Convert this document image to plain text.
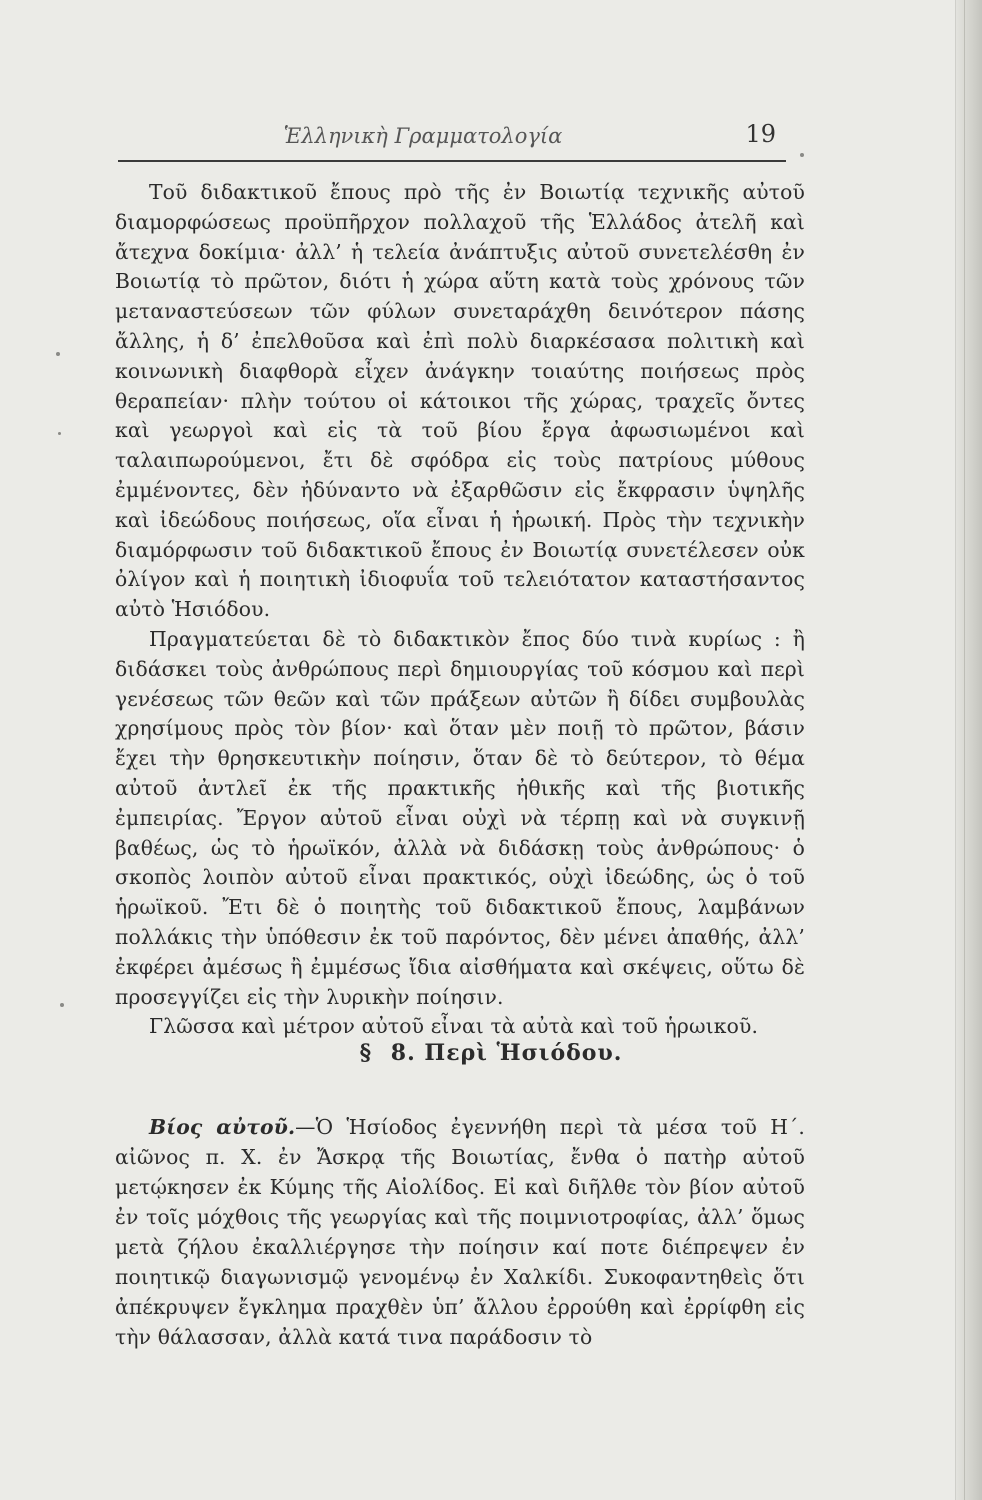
Ἑλληνικὴ Γραμματολογία	19

Τοῦ διδακτικοῦ ἔπους πρὸ τῆς ἐν Βοιωτίᾳ τεχνικῆς αὐτοῦ διαμορφώσεως προϋπῆρχον πολλαχοῦ τῆς Ἑλλάδος ἀτελῆ καὶ ἄτεχνα δοκίμια· ἀλλ’ ἡ τελεία ἀνάπτυξις αὐτοῦ συνετελέσθη ἐν Βοιωτίᾳ τὸ πρῶτον, διότι ἡ χώρα αὕτη κατὰ τοὺς χρόνους τῶν μεταναστεύσεων τῶν φύλων συνεταράχθη δεινότερον πάσης ἄλλης, ἡ δ’ ἐπελθοῦσα καὶ ἐπὶ πολὺ διαρκέσασα πολιτικὴ καὶ κοινωνικὴ διαφθορὰ εἶχεν ἀνάγκην τοιαύτης ποιήσεως πρὸς θεραπείαν· πλὴν τούτου οἱ κάτοικοι τῆς χώρας, τραχεῖς ὄντες καὶ γεωργοὶ καὶ εἰς τὰ τοῦ βίου ἔργα ἀφωσιωμένοι καὶ ταλαιπωρούμενοι, ἔτι δὲ σφόδρα εἰς τοὺς πατρίους μύθους ἐμμένοντες, δὲν ἠδύναντο νὰ ἐξαρθῶσιν εἰς ἔκφρασιν ὑψηλῆς καὶ ἰδεώδους ποιήσεως, οἵα εἶναι ἡ ἡρωική. Πρὸς τὴν τεχνικὴν διαμόρφωσιν τοῦ διδακτικοῦ ἔπους ἐν Βοιωτίᾳ συνετέλεσεν οὐκ ὀλίγον καὶ ἡ ποιητικὴ ἰδιοφυΐα τοῦ τελειότατον καταστήσαντος αὐτὸ Ἡσιόδου.

Πραγματεύεται δὲ τὸ διδακτικὸν ἔπος δύο τινὰ κυρίως : ἢ διδάσκει τοὺς ἀνθρώπους περὶ δημιουργίας τοῦ κόσμου καὶ περὶ γενέσεως τῶν θεῶν καὶ τῶν πράξεων αὐτῶν ἢ δίδει συμβουλὰς χρησίμους πρὸς τὸν βίον· καὶ ὅταν μὲν ποιῇ τὸ πρῶτον, βάσιν ἔχει τὴν θρησκευτικὴν ποίησιν, ὅταν δὲ τὸ δεύτερον, τὸ θέμα αὐτοῦ ἀντλεῖ ἐκ τῆς πρακτικῆς ἠθικῆς καὶ τῆς βιοτικῆς ἐμπειρίας. Ἔργον αὐτοῦ εἶναι οὐχὶ νὰ τέρπῃ καὶ νὰ συγκινῇ βαθέως, ὡς τὸ ἡρωϊκόν, ἀλλὰ νὰ διδάσκῃ τοὺς ἀνθρώπους· ὁ σκοπὸς λοιπὸν αὐτοῦ εἶναι πρακτικός, οὐχὶ ἰδεώδης, ὡς ὁ τοῦ ἡρωϊκοῦ. Ἔτι δὲ ὁ ποιητὴς τοῦ διδακτικοῦ ἔπους, λαμβάνων πολλάκις τὴν ὑπόθεσιν ἐκ τοῦ παρόντος, δὲν μένει ἀπαθής, ἀλλ’ ἐκφέρει ἀμέσως ἢ ἐμμέσως ἴδια αἰσθήματα καὶ σκέψεις, οὕτω δὲ προσεγγίζει εἰς τὴν λυρικὴν ποίησιν.

Γλῶσσα καὶ μέτρον αὐτοῦ εἶναι τὰ αὐτὰ καὶ τοῦ ἡρωικοῦ.

§ 8. Περὶ Ἡσιόδου.

Βίος αὐτοῦ.—Ὁ Ἡσίοδος ἐγεννήθη περὶ τὰ μέσα τοῦ Η΄. αἰῶνος π. Χ. ἐν Ἄσκρᾳ τῆς Βοιωτίας, ἔνθα ὁ πατὴρ αὐτοῦ μετῴκησεν ἐκ Κύμης τῆς Αἰολίδος. Εἰ καὶ διῆλθε τὸν βίον αὐτοῦ ἐν τοῖς μόχθοις τῆς γεωργίας καὶ τῆς ποιμνιοτροφίας, ἀλλ’ ὅμως μετὰ ζήλου ἐκαλλιέργησε τὴν ποίησιν καί ποτε διέπρεψεν ἐν ποιητικῷ διαγωνισμῷ γενομένῳ ἐν Χαλκίδι. Συκοφαντηθεὶς ὅτι ἀπέκρυψεν ἔγκλημα πραχθὲν ὑπ’ ἄλλου ἐρρούθη καὶ ἐρρίφθη εἰς τὴν θάλασσαν, ἀλλὰ κατά τινα παράδοσιν τὸ
